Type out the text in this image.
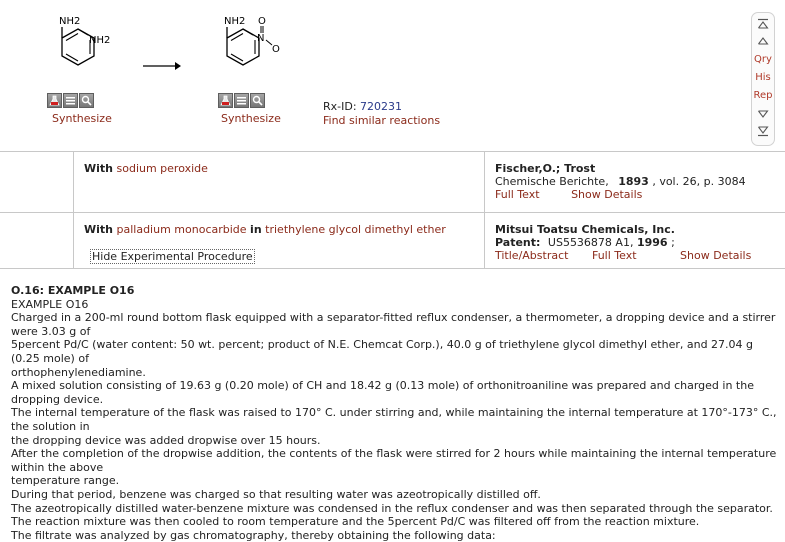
NH2
NH2
NH2 O
N
O
Synthesize	Synthesize
Rx-ID: 720231
Find similar reactions
Qry
His
Rep
With sodium peroxide	Fischer,O.; Trost
Chemische Berichte, 1893 , vol. 26, p. 3084
Full Text	Show Details
With palladium monocarbide in triethylene glycol dimethyl ether
Hide Experimental Procedure
Mitsui Toatsu Chemicals, Inc.
Patent: US5536878 A1, 1996 ;
Title/Abstract Full Text	Show Details
O.16: EXAMPLE O16
EXAMPLE O16
Charged in a 200-ml round bottom flask equipped with a separator-fitted reflux condenser, a thermometer, a dropping device and a stirrer were 3.03 g of
5percent Pd/C (water content: 50 wt. percent; product of N.E. Chemcat Corp.), 40.0 g of triethylene glycol dimethyl ether, and 27.04 g (0.25 mole) of
orthophenylenediamine.
A mixed solution consisting of 19.63 g (0.20 mole) of CH and 18.42 g (0.13 mole) of orthonitroaniline was prepared and charged in the dropping device.
The internal temperature of the flask was raised to 170° C. under stirring and, while maintaining the internal temperature at 170°-173° C., the solution in
the dropping device was added dropwise over 15 hours.
After the completion of the dropwise addition, the contents of the flask were stirred for 2 hours while maintaining the internal temperature within the above
temperature range.
During that period, benzene was charged so that resulting water was azeotropically distilled off.
The azeotropically distilled water-benzene mixture was condensed in the reflux condenser and was then separated through the separator.
The reaction mixture was then cooled to room temperature and the 5percent Pd/C was filtered off from the reaction mixture.
The filtrate was analyzed by gas chromatography, thereby obtaining the following data:
